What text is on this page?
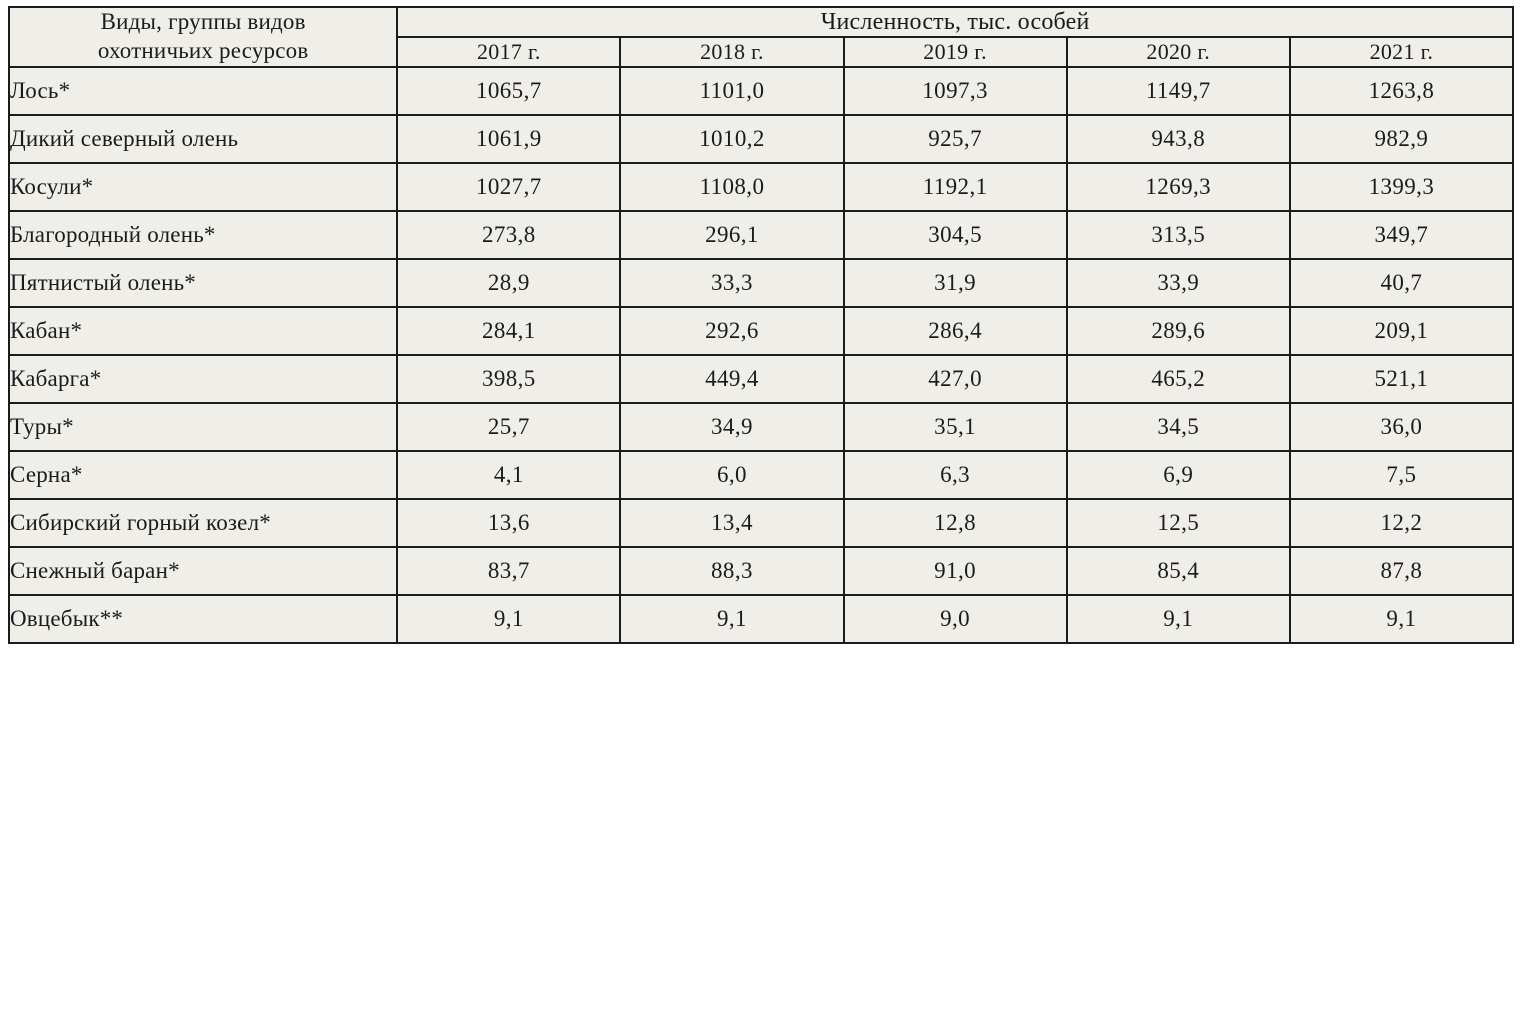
Виды, группы видов
охотничьих ресурсов	Численность, тыс. особей				
	2017 г.	2018 г.	2019 г.	2020 г.	2021 г.
Лось*	1065,7	1101,0	1097,3	1149,7	1263,8
Дикий северный олень	1061,9	1010,2	925,7	943,8	982,9
Косули*	1027,7	1108,0	1192,1	1269,3	1399,3
Благородный олень*	273,8	296,1	304,5	313,5	349,7
Пятнистый олень*	28,9	33,3	31,9	33,9	40,7
Кабан*	284,1	292,6	286,4	289,6	209,1
Кабарга*	398,5	449,4	427,0	465,2	521,1
Туры*	25,7	34,9	35,1	34,5	36,0
Серна*	4,1	6,0	6,3	6,9	7,5
Сибирский горный козел*	13,6	13,4	12,8	12,5	12,2
Снежный баран*	83,7	88,3	91,0	85,4	87,8
Овцебык**	9,1	9,1	9,0	9,1	9,1
